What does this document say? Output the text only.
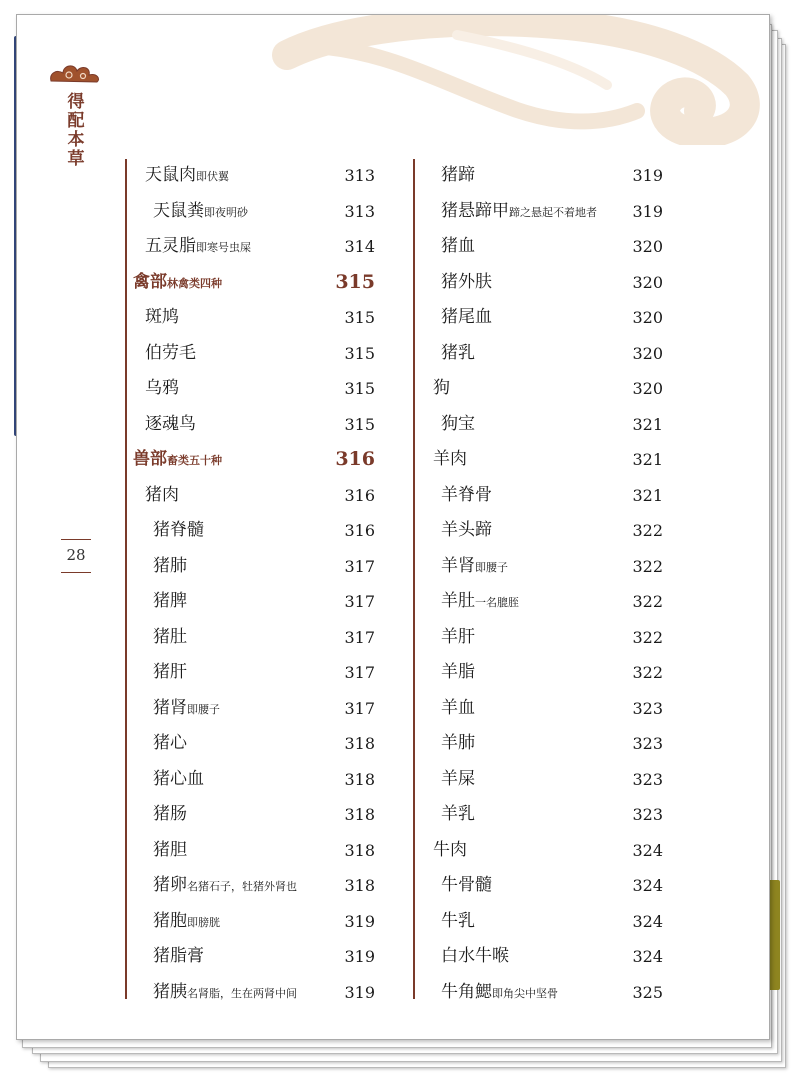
得配本草
28
天鼠肉即伏翼	313
天鼠粪即夜明砂	313
五灵脂即寒号虫屎	314
禽部林禽类四种	315
斑鸠	315
伯劳毛	315
乌鸦	315
逐魂鸟	315
兽部畜类五十种	316
猪肉	316
猪脊髓	316
猪肺	317
猪脾	317
猪肚	317
猪肝	317
猪肾即腰子	317
猪心	318
猪心血	318
猪肠	318
猪胆	318
猪卵名猪石子，牡猪外肾也	318
猪胞即膀胱	319
猪脂膏	319
猪胰名肾脂，生在两肾中间	319
猪蹄	319
猪悬蹄甲蹄之悬起不着地者 319
猪血	320
猪外肤	320
猪尾血	320
猪乳	320
狗	320
狗宝	321
羊肉	321
羊脊骨	321
羊头蹄	322
羊肾即腰子	322
羊肚一名膍胵	322
羊肝	322
羊脂	322
羊血	323
羊肺	323
羊屎	323
羊乳	323
牛肉	324
牛骨髓	324
牛乳	324
白水牛喉	324
牛角鰓即角尖中坚骨	325
